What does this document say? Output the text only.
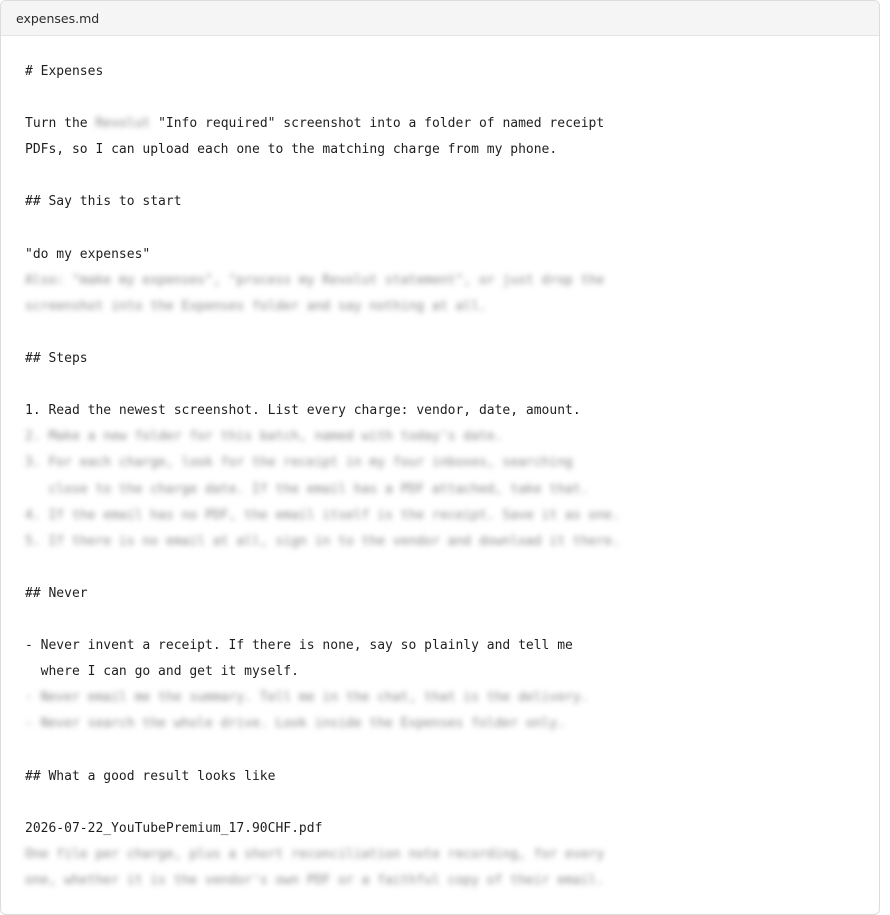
expenses.md
# Expenses
Turn the Revolut "Info required" screenshot into a folder of named receipt
PDFs, so I can upload each one to the matching charge from my phone.
## Say this to start
"do my expenses"
Also: "make my expenses", "process my Revolut statement", or just drop the
screenshot into the Expenses folder and say nothing at all.
## Steps
1. Read the newest screenshot. List every charge: vendor, date, amount.
2. Make a new folder for this batch, named with today's date.
3. For each charge, look for the receipt in my four inboxes, searching
close to the charge date. If the email has a PDF attached, take that.
4. If the email has no PDF, the email itself is the receipt. Save it as one.
5. If there is no email at all, sign in to the vendor and download it there.
## Never
- Never invent a receipt. If there is none, say so plainly and tell me
where I can go and get it myself.
- Never email me the summary. Tell me in the chat, that is the delivery.
- Never search the whole drive. Look inside the Expenses folder only.
## What a good result looks like
2026-07-22_YouTubePremium_17.90CHF.pdf
One file per charge, plus a short reconciliation note recording, for every
one, whether it is the vendor's own PDF or a faithful copy of their email.
